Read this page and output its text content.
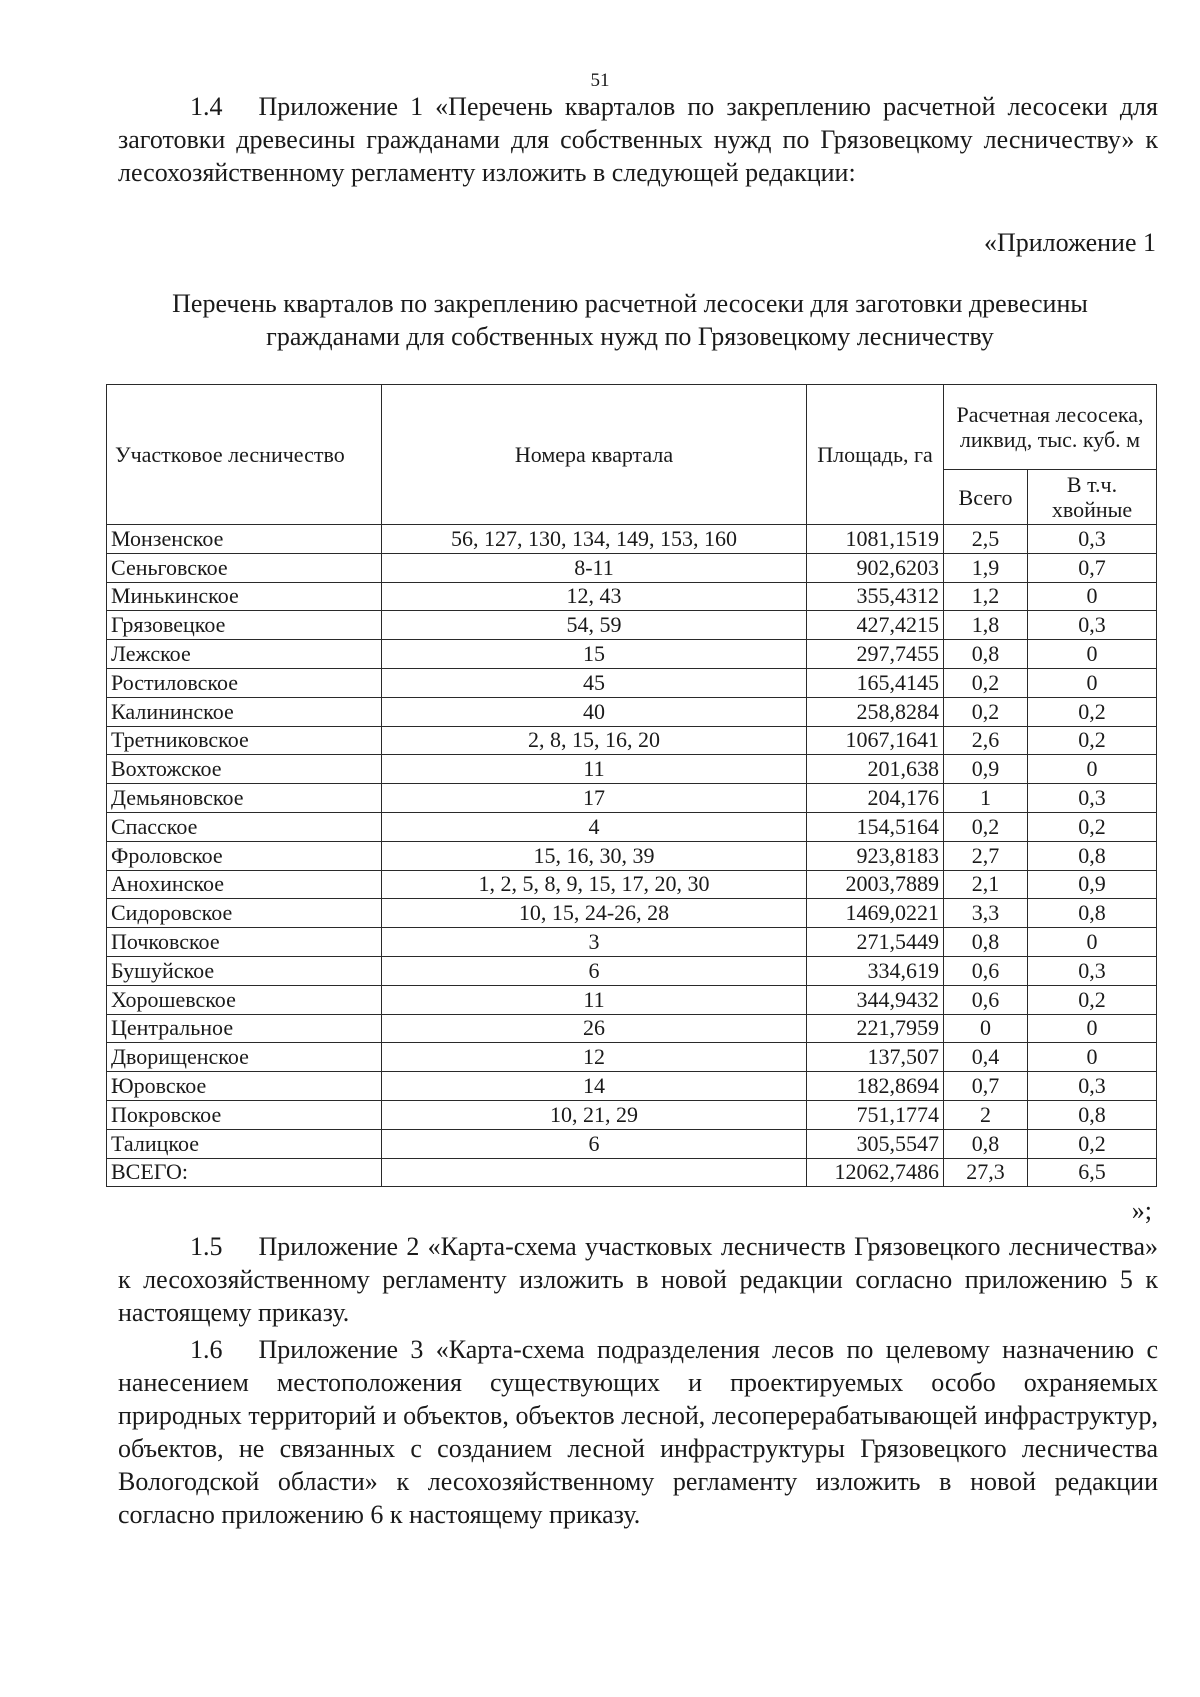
51

1.4 Приложение 1 «Перечень кварталов по закреплению расчетной лесосеки для заготовки древесины гражданами для собственных нужд по Грязовецкому лесничеству» к лесохозяйственному регламенту изложить в следующей редакции:

«Приложение 1
Перечень кварталов по закреплению расчетной лесосеки для заготовки древесины
гражданами для собственных нужд по Грязовецкому лесничеству
Участковое лесничество	Номера квартала	Площадь, га	Расчетная лесосека, ликвид, тыс. куб. м	
			Всего	В т.ч. хвойные
Монзенское	56, 127, 130, 134, 149, 153, 160	1081,1519	2,5	0,3
Сеньговское	8-11	902,6203	1,9	0,7
Минькинское	12, 43	355,4312	1,2	0
Грязовецкое	54, 59	427,4215	1,8	0,3
Лежское	15	297,7455	0,8	0
Ростиловское	45	165,4145	0,2	0
Калининское	40	258,8284	0,2	0,2
Третниковское	2, 8, 15, 16, 20	1067,1641	2,6	0,2
Вохтожское	11	201,638	0,9	0
Демьяновское	17	204,176	1	0,3
Спасское	4	154,5164	0,2	0,2
Фроловское	15, 16, 30, 39	923,8183	2,7	0,8
Анохинское	1, 2, 5, 8, 9, 15, 17, 20, 30	2003,7889	2,1	0,9
Сидоровское	10, 15, 24-26, 28	1469,0221	3,3	0,8
Почковское	3	271,5449	0,8	0
Бушуйское	6	334,619	0,6	0,3
Хорошевское	11	344,9432	0,6	0,2
Центральное	26	221,7959	0	0
Дворищенское	12	137,507	0,4	0
Юровское	14	182,8694	0,7	0,3
Покровское	10, 21, 29	751,1774	2	0,8
Талицкое	6	305,5547	0,8	0,2
ВСЕГО:		12062,7486	27,3	6,5
»;

1.5 Приложение 2 «Карта-схема участковых лесничеств Грязовецкого лесничества» к лесохозяйственному регламенту изложить в новой редакции согласно приложению 5 к настоящему приказу.

1.6 Приложение 3 «Карта-схема подразделения лесов по целевому назначению с нанесением местоположения существующих и проектируемых особо охраняемых природных территорий и объектов, объектов лесной, лесоперерабатывающей инфраструктур, объектов, не связанных с созданием лесной инфраструктуры Грязовецкого лесничества Вологодской области» к лесохозяйственному регламенту изложить в новой редакции согласно приложению 6 к настоящему приказу.
